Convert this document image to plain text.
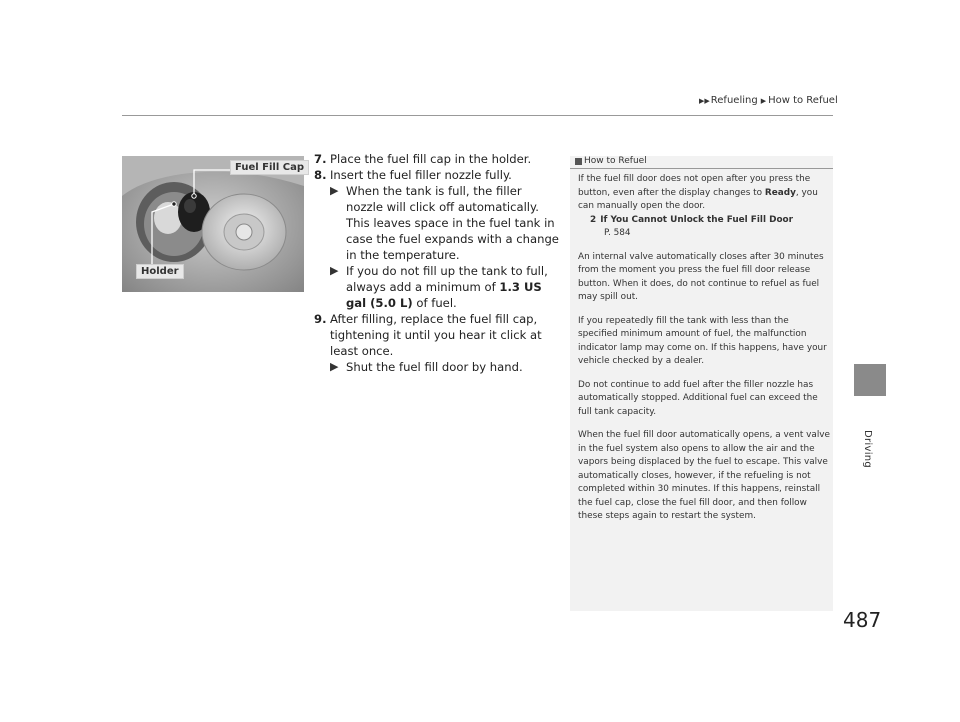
▶▶Refueling ▶ How to Refuel
Driving
Fuel Fill Cap
Holder
7. Place the fuel fill cap in the holder.
8. Insert the fuel filler nozzle fully.
▶ When the tank is full, the filler nozzle will click off automatically. This leaves space in the fuel tank in case the fuel expands with a change in the temperature.
▶ If you do not fill up the tank to full, always add a minimum of 1.3 US gal (5.0 L) of fuel.
9. After filling, replace the fuel fill cap, tightening it until you hear it click at least once.
▶ Shut the fuel fill door by hand.
How to Refuel

If the fuel fill door does not open after you press the button, even after the display changes to Ready, you can manually open the door.
2 If You Cannot Unlock the Fuel Fill Door
P. 584

An internal valve automatically closes after 30 minutes from the moment you press the fuel fill door release button. When it does, do not continue to refuel as fuel may spill out.

If you repeatedly fill the tank with less than the specified minimum amount of fuel, the malfunction indicator lamp may come on. If this happens, have your vehicle checked by a dealer.

Do not continue to add fuel after the filler nozzle has automatically stopped. Additional fuel can exceed the full tank capacity.

When the fuel fill door automatically opens, a vent valve in the fuel system also opens to allow the air and the vapors being displaced by the fuel to escape. This valve automatically closes, however, if the refueling is not completed within 30 minutes. If this happens, reinstall the fuel cap, close the fuel fill door, and then follow these steps again to restart the system.

487
